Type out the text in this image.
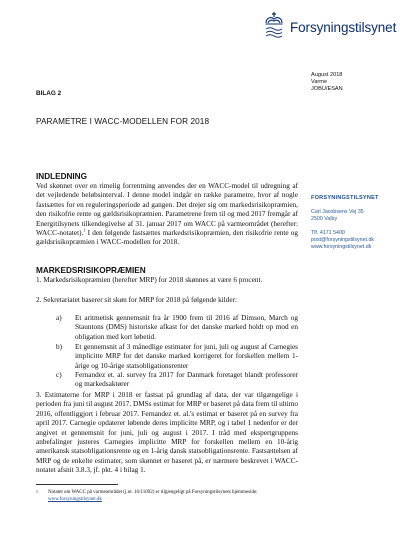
Forsyningstilsynet
August 2018
Varme
JOBU/ESAN
FORSYNINGSTILSYNET
Carl Jacobsens Vej 35
2500 Valby
Tlf. 4171 5400
post@forsyningstilsynet.dk
www.forsyningstilsynet.dk
BILAG 2
PARAMETRE I WACC-MODELLEN FOR 2018
INDLEDNING
Ved skønnet over en rimelig forrentning anvendes der en WACC-model til udregning af det vejledende beløbsinterval. I denne model indgår en række parametre, hvor af nogle fastsættes for en reguleringsperiode ad gangen. Det drejer sig om markedsrisikopræmien, den risikofrie rente og gældsrisikopræmien. Parametrene frem til og med 2017 fremgår af Energitilsynets tilkendegivelse af 31. januar 2017 om WACC på varmeområdet (herefter: WACC-notatet).$^1$ I den følgende fastsættes markedsrisikopræmien, den risikofrie rente og gældsrisikopræmien i WACC-modellen for 2018.
MARKEDSRISIKOPRÆMIEN
1. Markedsrisikopræmien (herefter MRP) for 2018 skønnes at være 6 procent.
2. Sekretariatet baserer sit skøn for MRP for 2018 på følgende kilder:
a) Et aritmetisk gennemsnit fra år 1900 frem til 2016 af Dimson, March og Stauntons (DMS) historiske afkast for det danske marked holdt op mod en obligation med kort løbetid.
b) Et gennemsnit af 3 månedlige estimater for juni, juli og august af Carnegies implicitte MRP for det danske marked korrigeret for forskellen mellem 1-årige og 10-årige statsobligationsrenter
c) Fernandez et. al. survey fra 2017 for Danmark foretaget blandt professorer og markedsaktører
3. Estimaterne for MRP i 2018 er fastsat på grundlag af data, der var tilgængelige i perioden fra juni til august 2017. DMSs estimat for MRP er baseret på data frem til ultimo 2016, offentliggjort i februar 2017. Fernandez et. al.'s estimat er baseret på en survey fra april 2017. Carnegie opdaterer løbende deres implicitte MRP, og i tabel 1 nedenfor er der angivet et gennemsnit for juni, juli og august i 2017. I tråd med ekspertgruppens anbefalinger justeres Carnegies implicitte MRP for forskellen mellem en 10-årig amerikansk statsobligationsrente og en 1-årig dansk statsobligationsrente. Fastsættelsen af MRP og de enkelte estimater, som skønnet er baseret på, er nærmere beskrevet i WACC-notatet afsnit 3.8.3, jf. pkt. 4 i bilag 1.
1 Notatet om WACC på varmeområdet (j.nr. 16/11092) er tilgængeligt på Forsyningstilsynets hjemmeside:
www.forsyningstilsynet.dk
